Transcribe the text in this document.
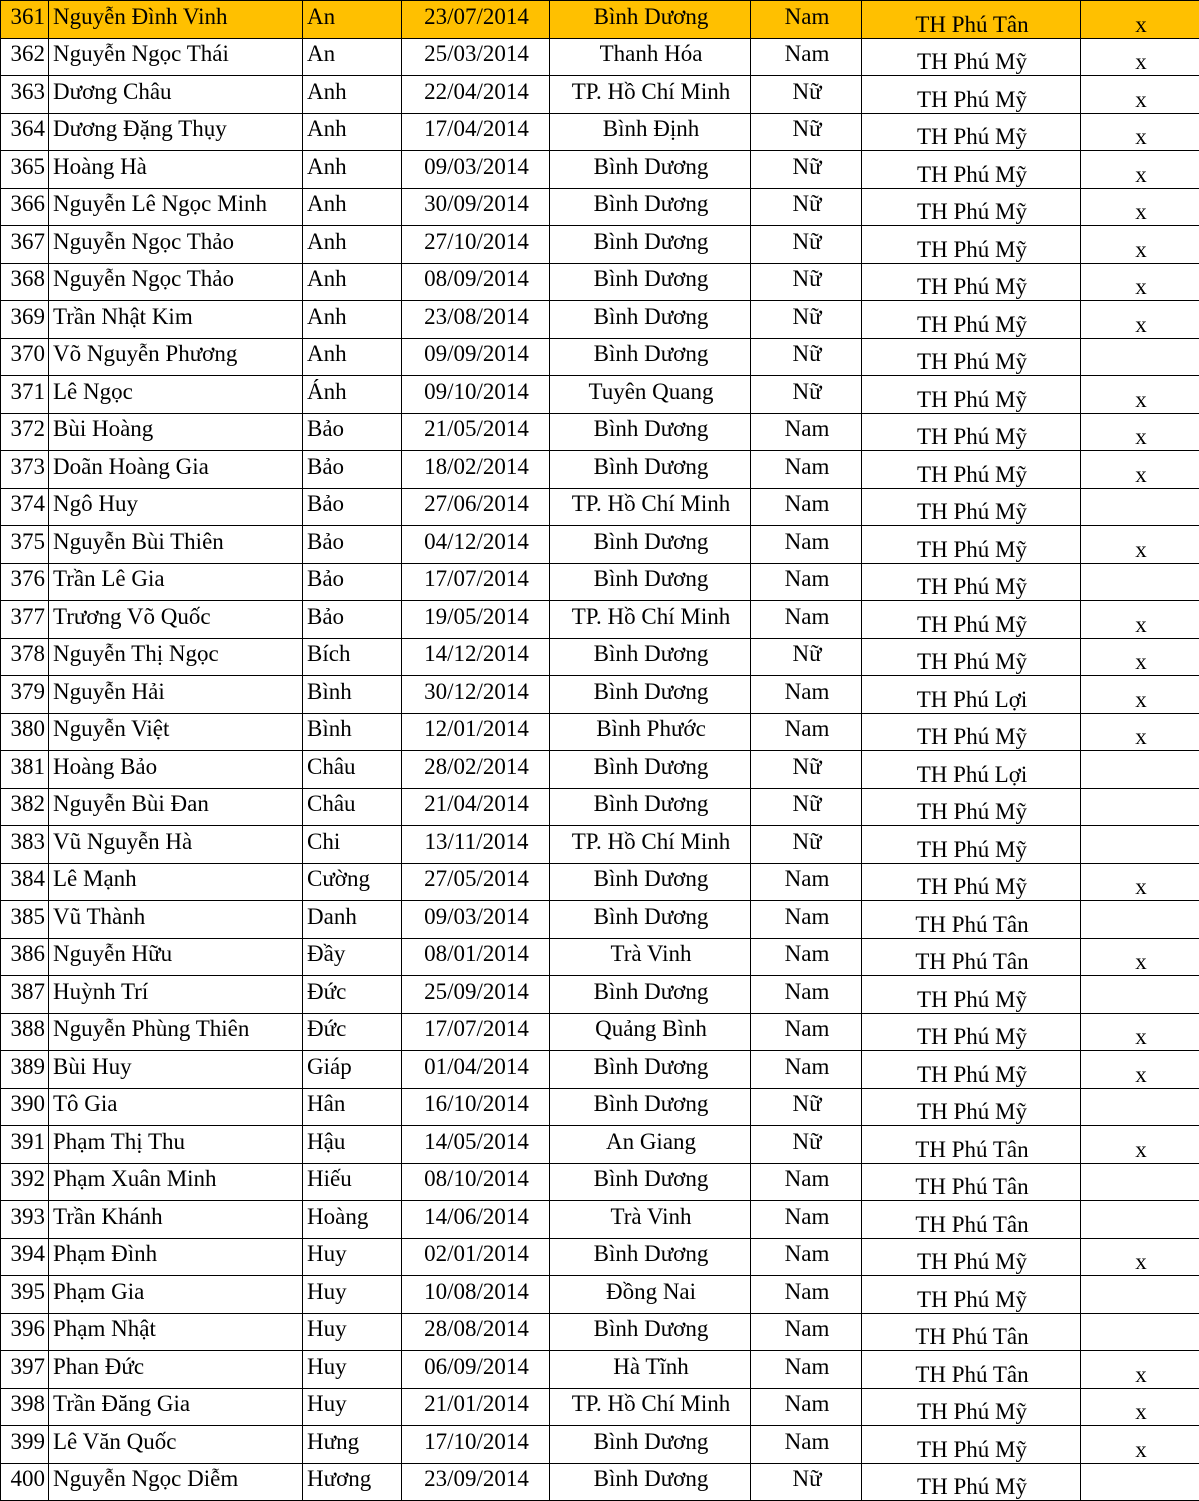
361	Nguyễn Đình Vinh	An	23/07/2014	Bình Dương	Nam	TH Phú Tân	x
362	Nguyễn Ngọc Thái	An	25/03/2014	Thanh Hóa	Nam	TH Phú Mỹ	x
363	Dương Châu	Anh	22/04/2014	TP. Hồ Chí Minh	Nữ	TH Phú Mỹ	x
364	Dương Đặng Thụy	Anh	17/04/2014	Bình Định	Nữ	TH Phú Mỹ	x
365	Hoàng Hà	Anh	09/03/2014	Bình Dương	Nữ	TH Phú Mỹ	x
366	Nguyễn Lê Ngọc Minh	Anh	30/09/2014	Bình Dương	Nữ	TH Phú Mỹ	x
367	Nguyễn Ngọc Thảo	Anh	27/10/2014	Bình Dương	Nữ	TH Phú Mỹ	x
368	Nguyễn Ngọc Thảo	Anh	08/09/2014	Bình Dương	Nữ	TH Phú Mỹ	x
369	Trần Nhật Kim	Anh	23/08/2014	Bình Dương	Nữ	TH Phú Mỹ	x
370	Võ Nguyễn Phương	Anh	09/09/2014	Bình Dương	Nữ	TH Phú Mỹ	
371	Lê Ngọc	Ánh	09/10/2014	Tuyên Quang	Nữ	TH Phú Mỹ	x
372	Bùi Hoàng	Bảo	21/05/2014	Bình Dương	Nam	TH Phú Mỹ	x
373	Doãn Hoàng Gia	Bảo	18/02/2014	Bình Dương	Nam	TH Phú Mỹ	x
374	Ngô Huy	Bảo	27/06/2014	TP. Hồ Chí Minh	Nam	TH Phú Mỹ	
375	Nguyễn Bùi Thiên	Bảo	04/12/2014	Bình Dương	Nam	TH Phú Mỹ	x
376	Trần Lê Gia	Bảo	17/07/2014	Bình Dương	Nam	TH Phú Mỹ	
377	Trương Võ Quốc	Bảo	19/05/2014	TP. Hồ Chí Minh	Nam	TH Phú Mỹ	x
378	Nguyễn Thị Ngọc	Bích	14/12/2014	Bình Dương	Nữ	TH Phú Mỹ	x
379	Nguyễn Hải	Bình	30/12/2014	Bình Dương	Nam	TH Phú Lợi	x
380	Nguyễn Việt	Bình	12/01/2014	Bình Phước	Nam	TH Phú Mỹ	x
381	Hoàng Bảo	Châu	28/02/2014	Bình Dương	Nữ	TH Phú Lợi	
382	Nguyễn Bùi Đan	Châu	21/04/2014	Bình Dương	Nữ	TH Phú Mỹ	
383	Vũ Nguyễn Hà	Chi	13/11/2014	TP. Hồ Chí Minh	Nữ	TH Phú Mỹ	
384	Lê Mạnh	Cường	27/05/2014	Bình Dương	Nam	TH Phú Mỹ	x
385	Vũ Thành	Danh	09/03/2014	Bình Dương	Nam	TH Phú Tân	
386	Nguyễn Hữu	Đầy	08/01/2014	Trà Vinh	Nam	TH Phú Tân	x
387	Huỳnh Trí	Đức	25/09/2014	Bình Dương	Nam	TH Phú Mỹ	
388	Nguyễn Phùng Thiên	Đức	17/07/2014	Quảng Bình	Nam	TH Phú Mỹ	x
389	Bùi Huy	Giáp	01/04/2014	Bình Dương	Nam	TH Phú Mỹ	x
390	Tô Gia	Hân	16/10/2014	Bình Dương	Nữ	TH Phú Mỹ	
391	Phạm Thị Thu	Hậu	14/05/2014	An Giang	Nữ	TH Phú Tân	x
392	Phạm Xuân Minh	Hiếu	08/10/2014	Bình Dương	Nam	TH Phú Tân	
393	Trần Khánh	Hoàng	14/06/2014	Trà Vinh	Nam	TH Phú Tân	
394	Phạm Đình	Huy	02/01/2014	Bình Dương	Nam	TH Phú Mỹ	x
395	Phạm Gia	Huy	10/08/2014	Đồng Nai	Nam	TH Phú Mỹ	
396	Phạm Nhật	Huy	28/08/2014	Bình Dương	Nam	TH Phú Tân	
397	Phan Đức	Huy	06/09/2014	Hà Tĩnh	Nam	TH Phú Tân	x
398	Trần Đăng Gia	Huy	21/01/2014	TP. Hồ Chí Minh	Nam	TH Phú Mỹ	x
399	Lê Văn Quốc	Hưng	17/10/2014	Bình Dương	Nam	TH Phú Mỹ	x
400	Nguyễn Ngọc Diễm	Hương	23/09/2014	Bình Dương	Nữ	TH Phú Mỹ	
